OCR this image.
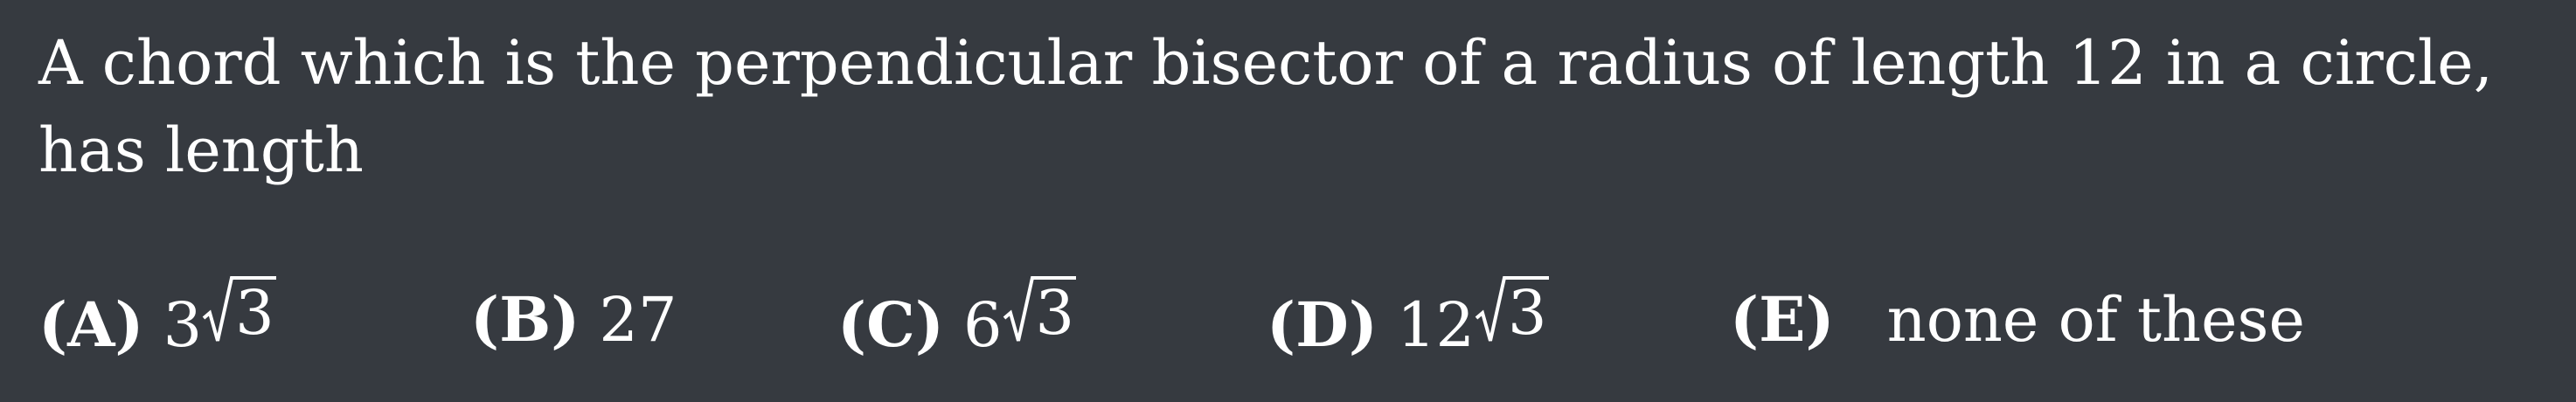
A chord which is the perpendicular bisector of a radius of length 12 in a circle, has length

(A) 3 3	(B) 27	(C) 6 3	(D) 12 3	(E) none of these
